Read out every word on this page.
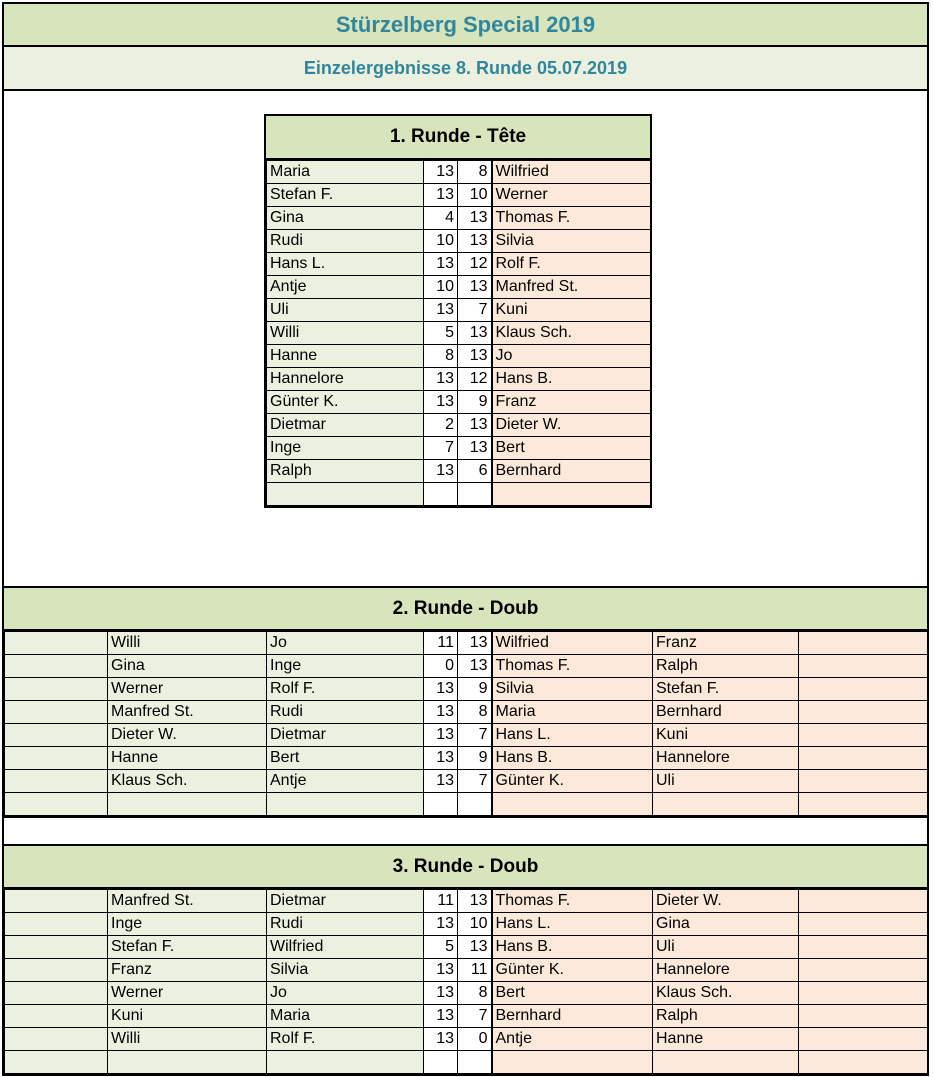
Stürzelberg Special 2019
Einzelergebnisse 8. Runde 05.07.2019
1. Runde - Tête
Maria	13	8	Wilfried
Stefan F.	13	10	Werner
Gina	4	13	Thomas F.
Rudi	10	13	Silvia
Hans L.	13	12	Rolf F.
Antje	10	13	Manfred St.
Uli	13	7	Kuni
Willi	5	13	Klaus Sch.
Hanne	8	13	Jo
Hannelore	13	12	Hans B.
Günter K.	13	9	Franz
Dietmar	2	13	Dieter W.
Inge	7	13	Bert
Ralph	13	6	Bernhard

2. Runde - Doub
	Willi	Jo	11	13	Wilfried	Franz	
	Gina	Inge	0	13	Thomas F.	Ralph	
	Werner	Rolf F.	13	9	Silvia	Stefan F.	
	Manfred St.	Rudi	13	8	Maria	Bernhard	
	Dieter W.	Dietmar	13	7	Hans L.	Kuni	
	Hanne	Bert	13	9	Hans B.	Hannelore	
	Klaus Sch.	Antje	13	7	Günter K.	Uli	

3. Runde - Doub
	Manfred St.	Dietmar	11	13	Thomas F.	Dieter W.	
	Inge	Rudi	13	10	Hans L.	Gina	
	Stefan F.	Wilfried	5	13	Hans B.	Uli	
	Franz	Silvia	13	11	Günter K.	Hannelore	
	Werner	Jo	13	8	Bert	Klaus Sch.	
	Kuni	Maria	13	7	Bernhard	Ralph	
	Willi	Rolf F.	13	0	Antje	Hanne	
